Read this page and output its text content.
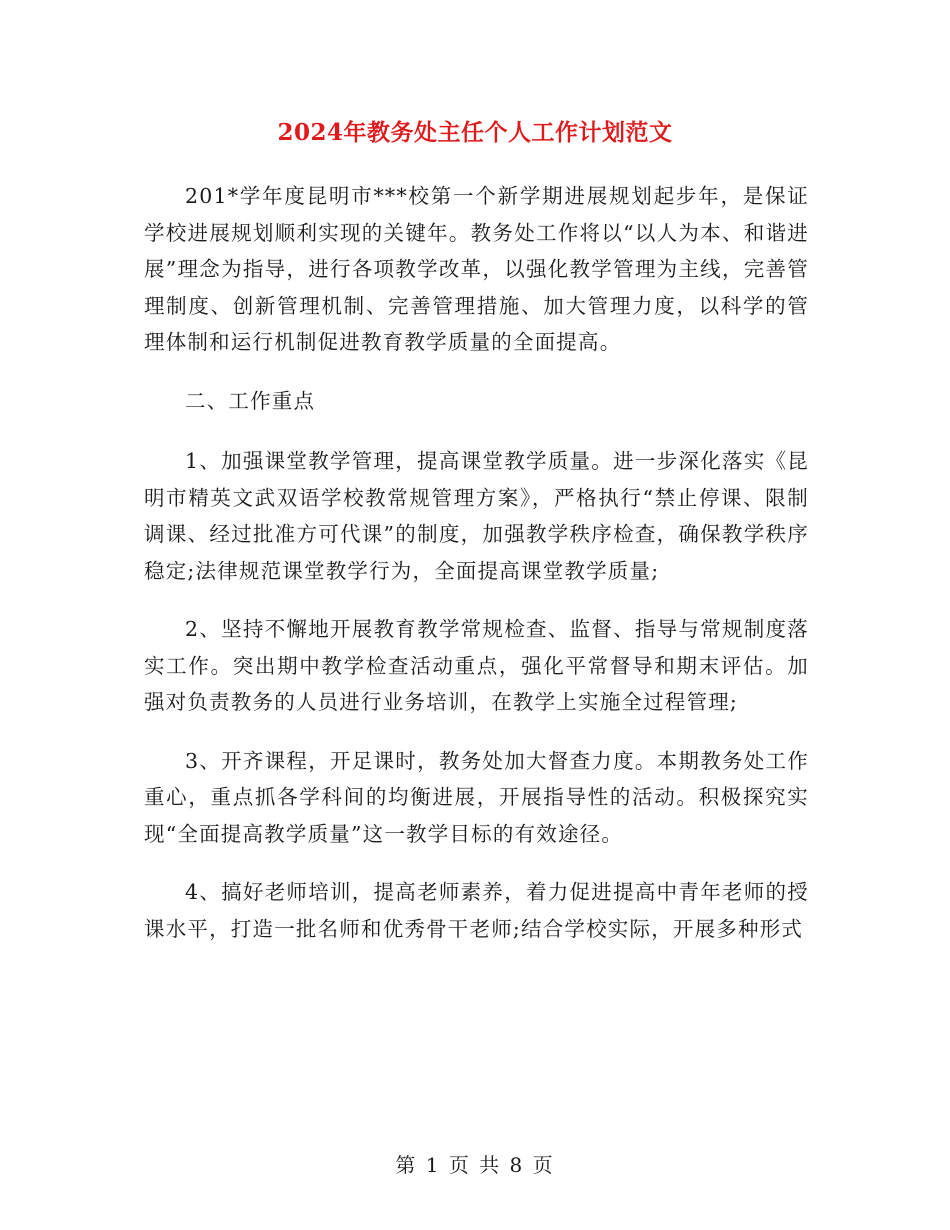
2024年教务处主任个人工作计划范文

201*学年度昆明市***校第一个新学期进展规划起步年，是保证学校进展规划顺利实现的关键年。教务处工作将以“以人为本、和谐进展”理念为指导，进行各项教学改革，以强化教学管理为主线，完善管理制度、创新管理机制、完善管理措施、加大管理力度，以科学的管理体制和运行机制促进教育教学质量的全面提高。

二、工作重点

1、加强课堂教学管理，提高课堂教学质量。进一步深化落实《昆明市精英文武双语学校教常规管理方案》，严格执行“禁止停课、限制调课、经过批准方可代课”的制度，加强教学秩序检查，确保教学秩序稳定;法律规范课堂教学行为，全面提高课堂教学质量;

2、坚持不懈地开展教育教学常规检查、监督、指导与常规制度落实工作。突出期中教学检查活动重点，强化平常督导和期末评估。加强对负责教务的人员进行业务培训，在教学上实施全过程管理;

3、开齐课程，开足课时，教务处加大督查力度。本期教务处工作重心，重点抓各学科间的均衡进展，开展指导性的活动。积极探究实现“全面提高教学质量”这一教学目标的有效途径。

4、搞好老师培训，提高老师素养，着力促进提高中青年老师的授课水平，打造一批名师和优秀骨干老师;结合学校实际，开展多种形式

第 1 页 共 8 页
